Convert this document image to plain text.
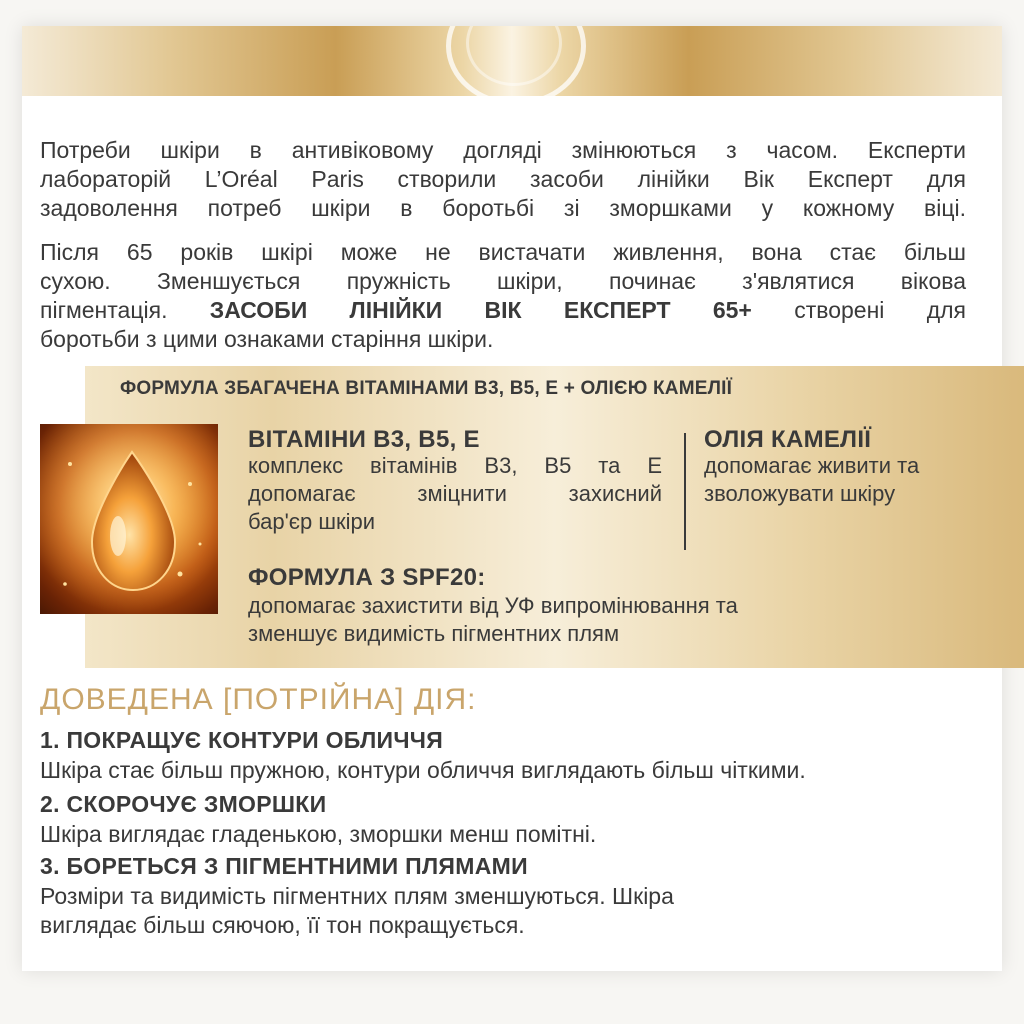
Потреби шкіри в антивіковому догляді змінюються з часом. Експерти
лабораторій L’Oréal Paris створили засоби лінійки Вік Експерт для
задоволення потреб шкіри в боротьбі зі зморшками у кожному віці.
Після 65 років шкірі може не вистачати живлення, вона стає більш
сухою. Зменшується пружність шкіри, починає з'являтися вікова
пігментація. ЗАСОБИ ЛІНІЙКИ ВІК ЕКСПЕРТ 65+ створені для
боротьби з цими ознаками старіння шкіри.
ФОРМУЛА ЗБАГАЧЕНА ВІТАМІНАМИ В3, В5, Е + ОЛІЄЮ КАМЕЛІЇ
ВІТАМІНИ В3, В5, Е
комплекс вітамінів В3, В5 та Е
допомагає зміцнити захисний
бар'єр шкіри
ОЛІЯ КАМЕЛІЇ
допомагає живити та
зволожувати шкіру
ФОРМУЛА З SPF20:
допомагає захистити від УФ випромінювання та
зменшує видимість пігментних плям
ДОВЕДЕНА [ПОТРІЙНА] ДІЯ:
1. ПОКРАЩУЄ КОНТУРИ ОБЛИЧЧЯ
Шкіра стає більш пружною, контури обличчя виглядають більш чіткими.
2. СКОРОЧУЄ ЗМОРШКИ
Шкіра виглядає гладенькою, зморшки менш помітні.
3. БОРЕТЬСЯ З ПІГМЕНТНИМИ ПЛЯМАМИ
Розміри та видимість пігментних плям зменшуються. Шкіра
виглядає більш сяючою, її тон покращується.
